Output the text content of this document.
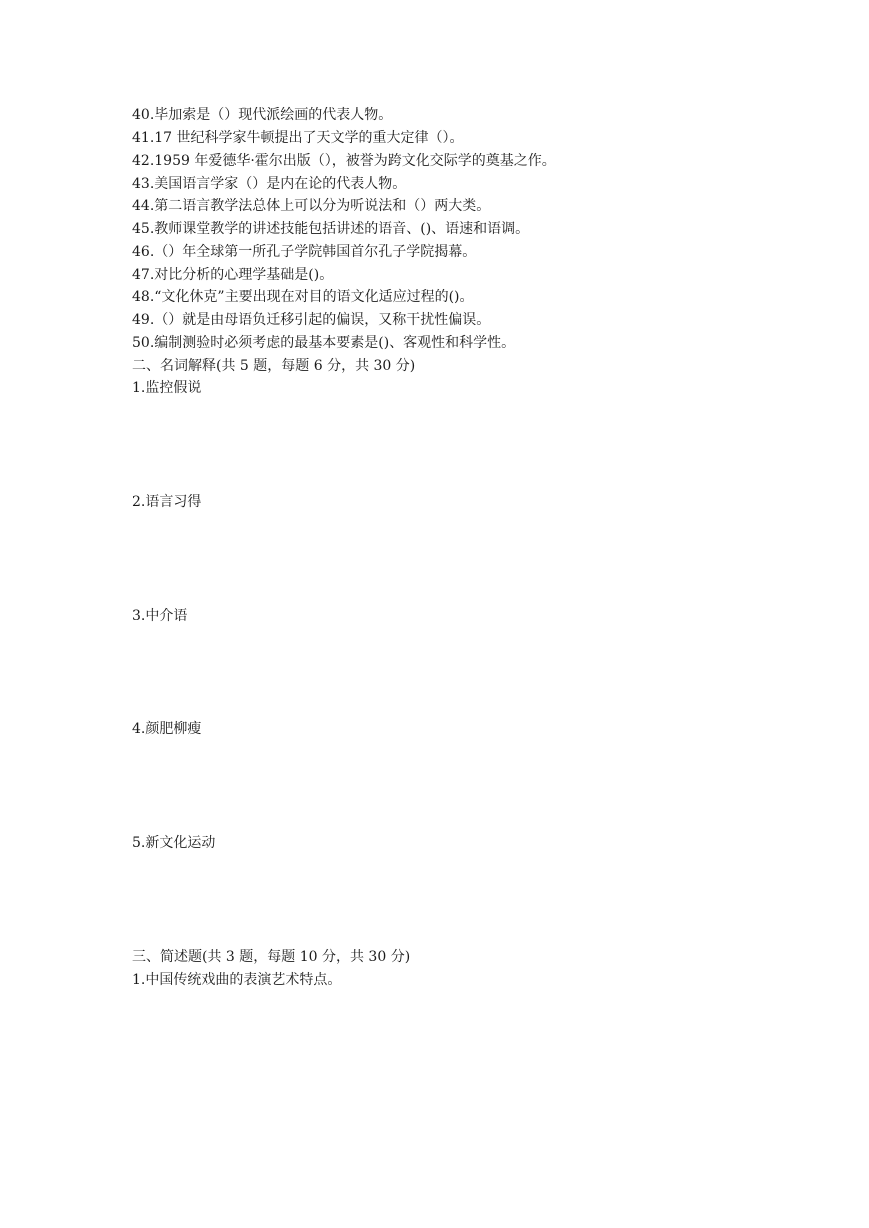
40.毕加索是（）现代派绘画的代表人物。
41.17 世纪科学家牛顿提出了天文学的重大定律（）。
42.1959 年爱德华·霍尔出版（），被誉为跨文化交际学的奠基之作。
43.美国语言学家（）是内在论的代表人物。
44.第二语言教学法总体上可以分为听说法和（）两大类。
45.教师课堂教学的讲述技能包括讲述的语音、()、语速和语调。
46.（）年全球第一所孔子学院韩国首尔孔子学院揭幕。
47.对比分析的心理学基础是()。
48.“文化休克”主要出现在对目的语文化适应过程的()。
49.（）就是由母语负迁移引起的偏误，又称干扰性偏误。
50.编制测验时必须考虑的最基本要素是()、客观性和科学性。
二、名词解释(共 5 题，每题 6 分，共 30 分)
1.监控假说
2.语言习得
3.中介语
4.颜肥柳瘦
5.新文化运动
三、简述题(共 3 题，每题 10 分，共 30 分)
1.中国传统戏曲的表演艺术特点。
